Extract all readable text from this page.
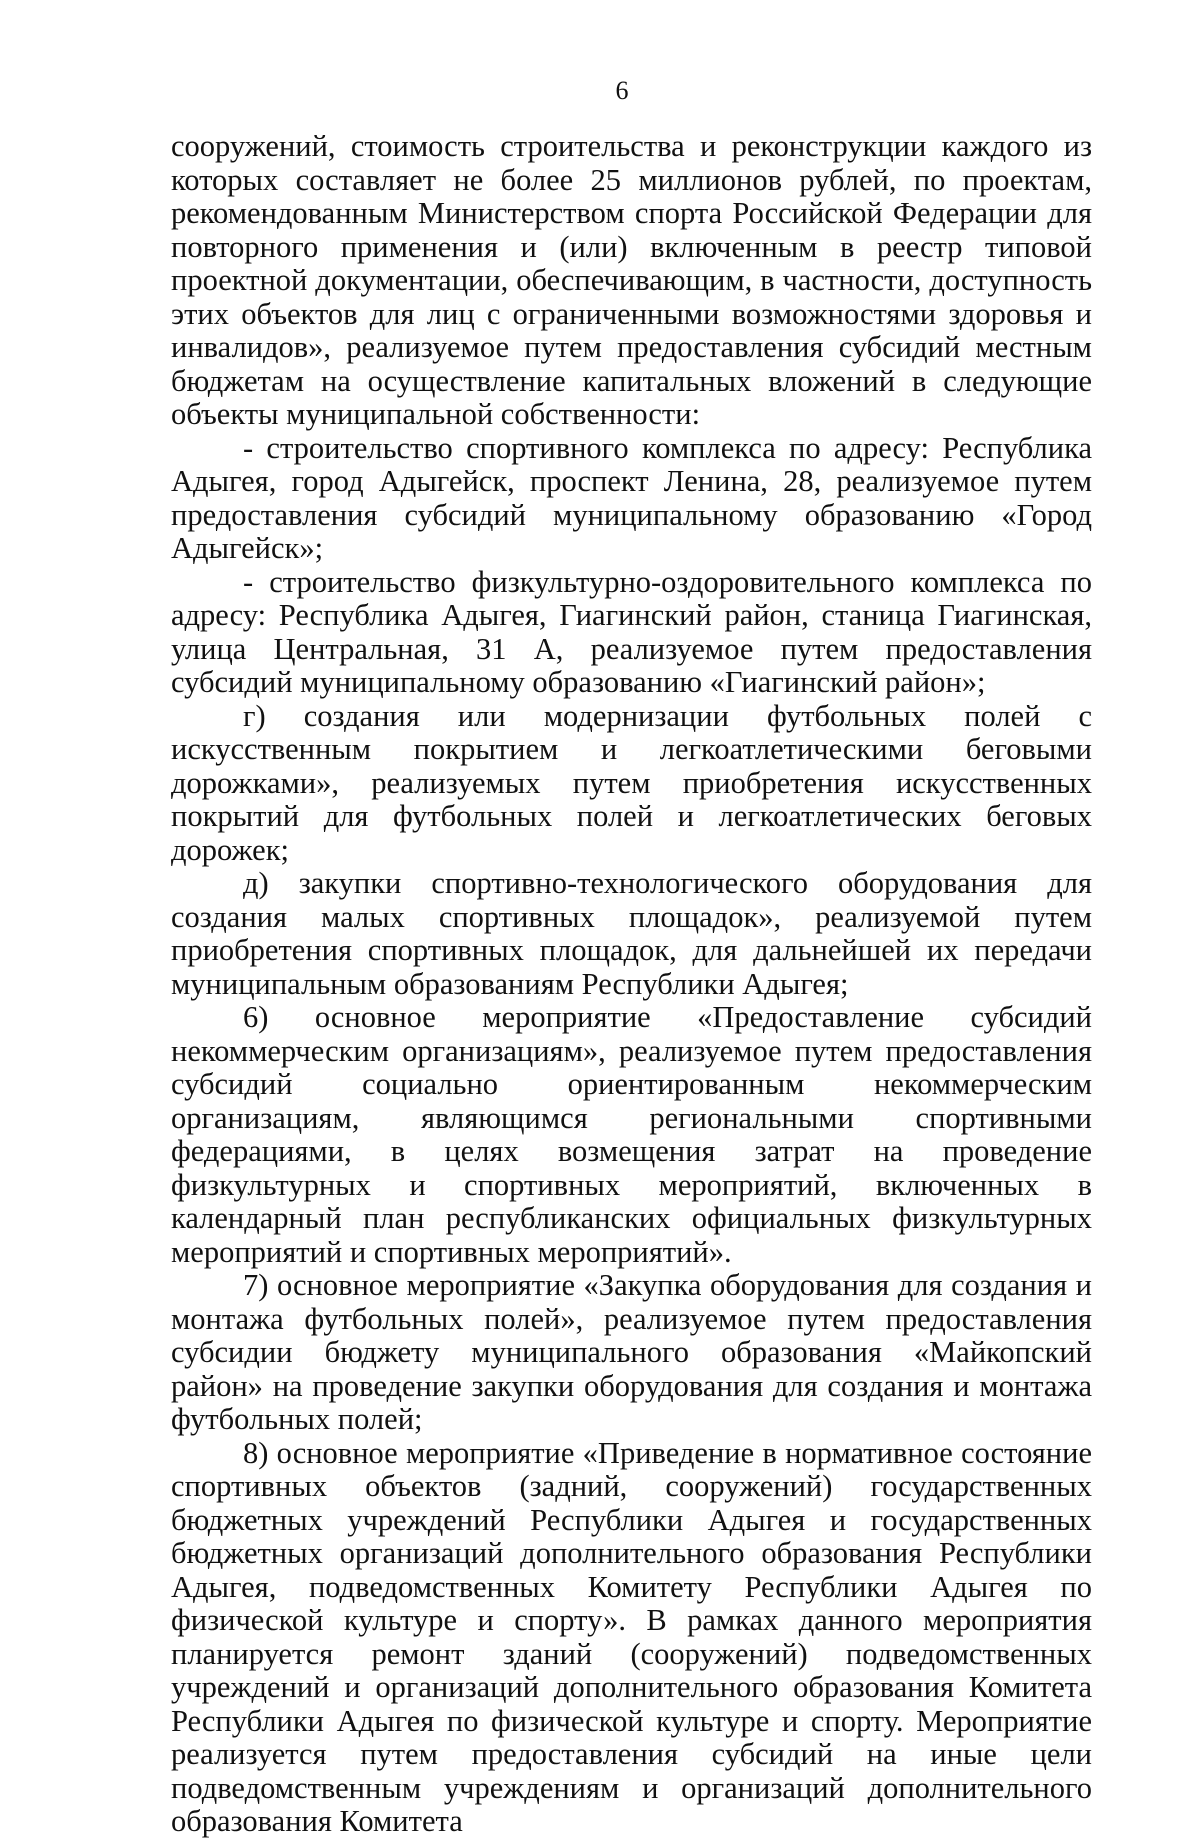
6

сооружений, стоимость строительства и реконструкции каждого из которых составляет не более 25 миллионов рублей, по проектам, рекомендованным Министерством спорта Российской Федерации для повторного применения и (или) включенным в реестр типовой проектной документации, обеспечивающим, в частности, доступность этих объектов для лиц с ограниченными возможностями здоровья и инвалидов», реализуемое путем предоставления субсидий местным бюджетам на осуществление капитальных вложений в следующие объекты муниципальной собственности:

- строительство спортивного комплекса по адресу: Республика Адыгея, город Адыгейск, проспект Ленина, 28, реализуемое путем предоставления субсидий муниципальному образованию «Город Адыгейск»;

- строительство физкультурно-оздоровительного комплекса по адресу: Республика Адыгея, Гиагинский район, станица Гиагинская, улица Центральная, 31 А, реализуемое путем предоставления субсидий муниципальному образованию «Гиагинский район»;

г) создания или модернизации футбольных полей с искусственным покрытием и легкоатлетическими беговыми дорожками», реализуемых путем приобретения искусственных покрытий для футбольных полей и легкоатлетических беговых дорожек;

д) закупки спортивно-технологического оборудования для создания малых спортивных площадок», реализуемой путем приобретения спортивных площадок, для дальнейшей их передачи муниципальным образованиям Республики Адыгея;

6) основное мероприятие «Предоставление субсидий некоммерческим организациям», реализуемое путем предоставления субсидий социально ориентированным некоммерческим организациям, являющимся региональными спортивными федерациями, в целях возмещения затрат на проведение физкультурных и спортивных мероприятий, включенных в календарный план республиканских официальных физкультурных мероприятий и спортивных мероприятий».

7) основное мероприятие «Закупка оборудования для создания и монтажа футбольных полей», реализуемое путем предоставления субсидии бюджету муниципального образования «Майкопский район» на проведение закупки оборудования для создания и монтажа футбольных полей;

8) основное мероприятие «Приведение в нормативное состояние спортивных объектов (задний, сооружений) государственных бюджетных учреждений Республики Адыгея и государственных бюджетных организаций дополнительного образования Республики Адыгея, подведомственных Комитету Республики Адыгея по физической культуре и спорту». В рамках данного мероприятия планируется ремонт зданий (сооружений) подведомственных учреждений и организаций дополнительного образования Комитета Республики Адыгея по физической культуре и спорту. Мероприятие реализуется путем предоставления субсидий на иные цели подведомственным учреждениям и организаций дополнительного образования Комитета
